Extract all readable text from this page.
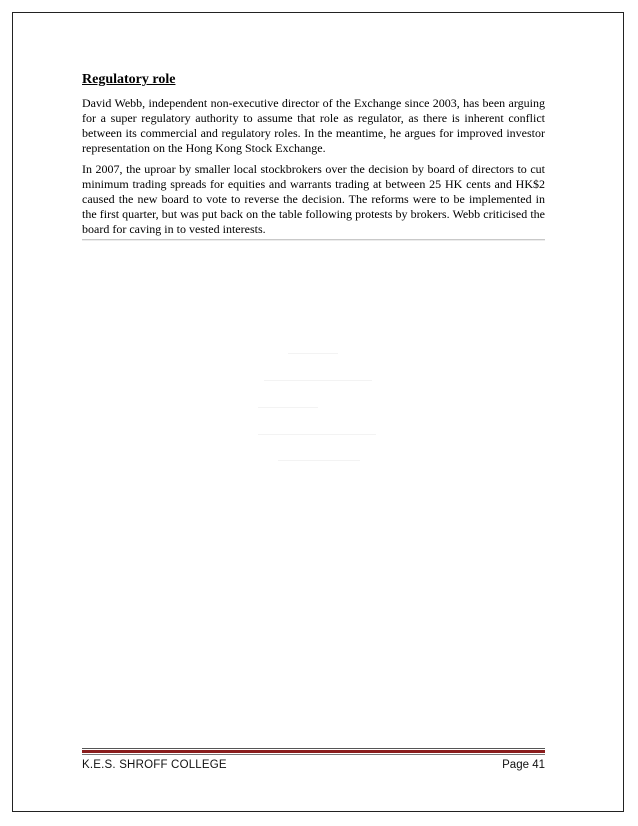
Regulatory role

David Webb, independent non-executive director of the Exchange since 2003, has been arguing for a super regulatory authority to assume that role as regulator, as there is inherent conflict between its commercial and regulatory roles. In the meantime, he argues for improved investor representation on the Hong Kong Stock Exchange.

In 2007, the uproar by smaller local stockbrokers over the decision by board of directors to cut minimum trading spreads for equities and warrants trading at between 25 HK cents and HK$2 caused the new board to vote to reverse the decision. The reforms were to be implemented in the first quarter, but was put back on the table following protests by brokers. Webb criticised the board for caving in to vested interests.

K.E.S. SHROFF COLLEGE	Page 41
